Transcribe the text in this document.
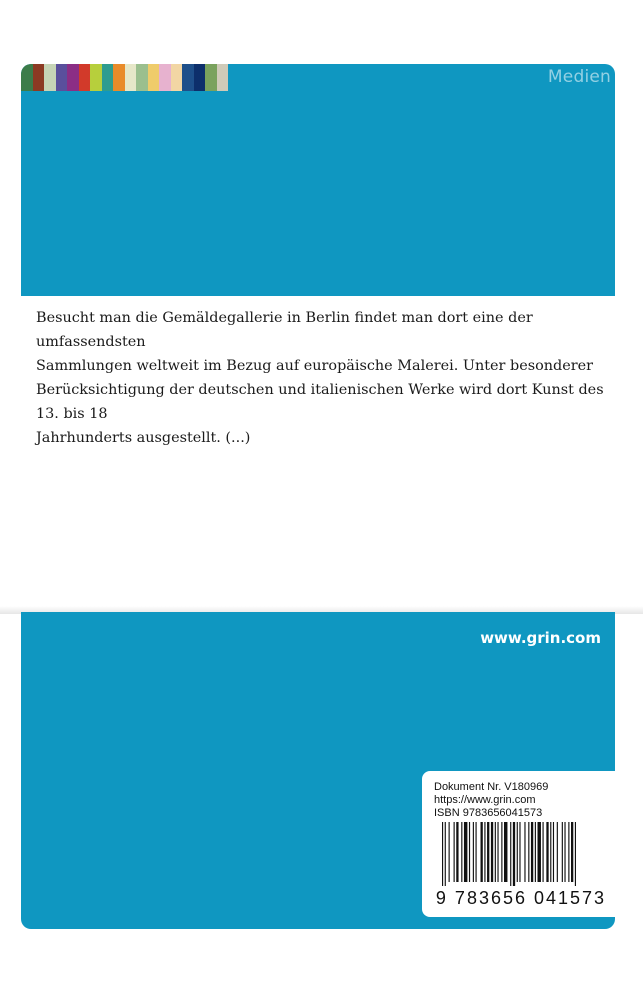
Medien

Besucht man die Gemäldegallerie in Berlin findet man dort eine der umfassendsten

Sammlungen weltweit im Bezug auf europäische Malerei. Unter besonderer

Berücksichtigung der deutschen und italienischen Werke wird dort Kunst des 13. bis 18

Jahrhunderts ausgestellt. (...)

www.grin.com
Dokument Nr. V180969
https://www.grin.com
ISBN 9783656041573
9 783656 041573
